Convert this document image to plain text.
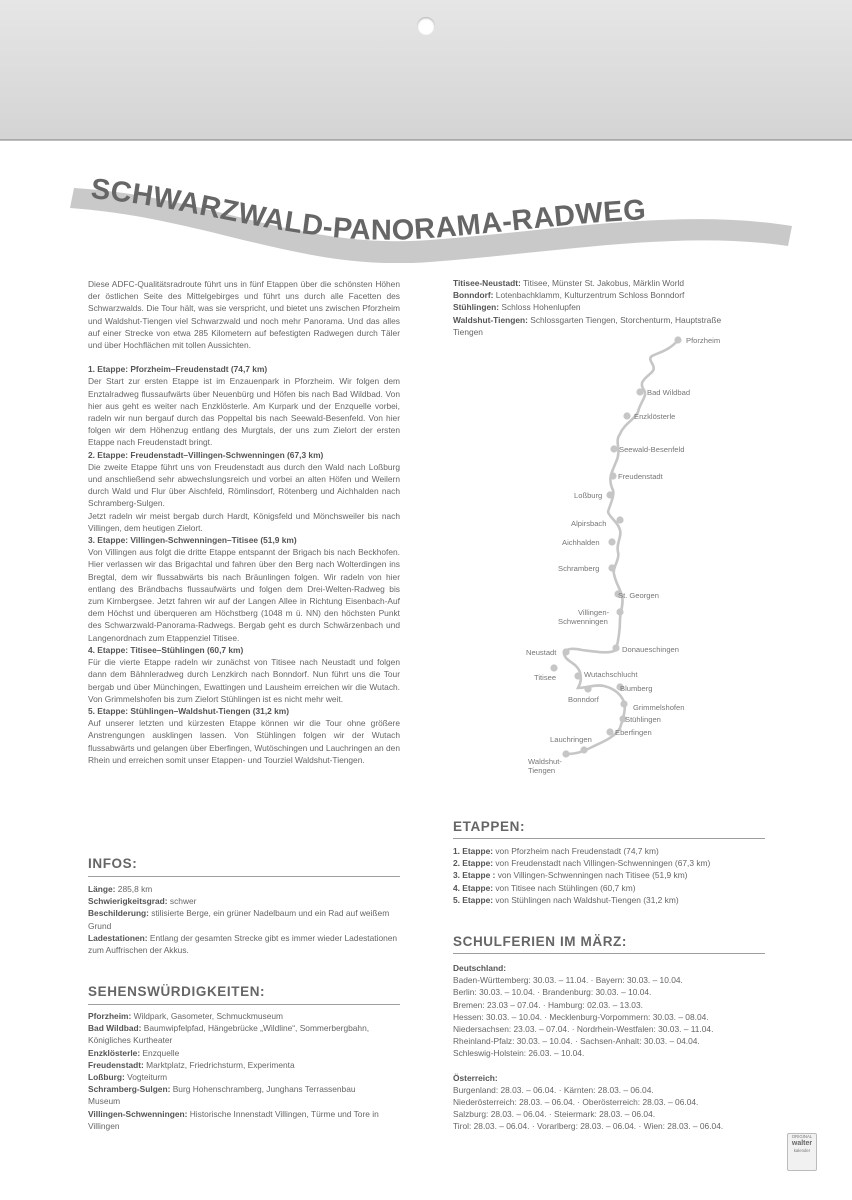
SCHWARZWALD-PANORAMA-RADWEG

Diese ADFC-Qualitätsradroute führt uns in fünf Etappen über die schönsten Höhen der östlichen Seite des Mittelgebirges und führt uns durch alle Facetten des Schwarzwalds. Die Tour hält, was sie verspricht, und bietet uns zwischen Pforzheim und Waldshut-Tiengen viel Schwarzwald und noch mehr Panorama. Und das alles auf einer Strecke von etwa 285 Kilometern auf befestigten Radwegen durch Täler und über Hochflächen mit tollen Aussichten.

1. Etappe: Pforzheim–Freudenstadt (74,7 km)

Der Start zur ersten Etappe ist im Enzauenpark in Pforzheim. Wir folgen dem Enztalradweg flussaufwärts über Neuenbürg und Höfen bis nach Bad Wildbad. Von hier aus geht es weiter nach Enzklösterle. Am Kurpark und der Enzquelle vorbei, radeln wir nun bergauf durch das Poppeltal bis nach Seewald-Besenfeld. Von hier folgen wir dem Höhenzug entlang des Murgtals, der uns zum Zielort der ersten Etappe nach Freudenstadt bringt.

2. Etappe: Freudenstadt–Villingen-Schwenningen (67,3 km)

Die zweite Etappe führt uns von Freudenstadt aus durch den Wald nach Loßburg und anschließend sehr abwechslungsreich und vorbei an alten Höfen und Weilern durch Wald und Flur über Aischfeld, Römlinsdorf, Rötenberg und Aichhalden nach Schramberg-Sulgen.

Jetzt radeln wir meist bergab durch Hardt, Königsfeld und Mönchsweiler bis nach Villingen, dem heutigen Zielort.

3. Etappe: Villingen-Schwenningen–Titisee (51,9 km)

Von Villingen aus folgt die dritte Etappe entspannt der Brigach bis nach Beckhofen. Hier verlassen wir das Brigachtal und fahren über den Berg nach Wolterdingen ins Bregtal, dem wir flussabwärts bis nach Bräunlingen folgen. Wir radeln von hier entlang des Brändbachs flussaufwärts und folgen dem Drei-Welten-Radweg bis zum Kirnbergsee. Jetzt fahren wir auf der Langen Allee in Richtung Eisenbach-Auf dem Höchst und überqueren am Höchstberg (1048 m ü. NN) den höchsten Punkt des Schwarzwald-Panorama-Radwegs. Bergab geht es durch Schwärzenbach und Langenordnach zum Etappenziel Titisee.

4. Etappe: Titisee–Stühlingen (60,7 km)

Für die vierte Etappe radeln wir zunächst von Titisee nach Neustadt und folgen dann dem Bähnleradweg durch Lenzkirch nach Bonndorf. Nun führt uns die Tour bergab und über Münchingen, Ewattingen und Lausheim erreichen wir die Wutach. Von Grimmelshofen bis zum Zielort Stühlingen ist es nicht mehr weit.

5. Etappe: Stühlingen–Waldshut-Tiengen (31,2 km)

Auf unserer letzten und kürzesten Etappe können wir die Tour ohne größere Anstrengungen ausklingen lassen. Von Stühlingen folgen wir der Wutach flussabwärts und gelangen über Eberfingen, Wutöschingen und Lauchringen an den Rhein und erreichen somit unser Etappen- und Tourziel Waldshut-Tiengen.

INFOS:

Länge: 285,8 km

Schwierigkeitsgrad: schwer

Beschilderung: stilisierte Berge, ein grüner Nadelbaum und ein Rad auf weißem Grund

Ladestationen: Entlang der gesamten Strecke gibt es immer wieder Ladestationen zum Auffrischen der Akkus.

SEHENSWÜRDIGKEITEN:

Pforzheim: Wildpark, Gasometer, Schmuckmuseum

Bad Wildbad: Baumwipfelpfad, Hängebrücke „Wildline“, Sommerbergbahn, Königliches Kurtheater

Enzklösterle: Enzquelle

Freudenstadt: Marktplatz, Friedrichsturm, Experimenta

Loßburg: Vogteiturm

Schramberg-Sulgen: Burg Hohenschramberg, Junghans Terrassenbau Museum

Villingen-Schwenningen: Historische Innenstadt Villingen, Türme und Tore in Villingen

Titisee-Neustadt: Titisee, Münster St. Jakobus, Märklin World

Bonndorf: Lotenbachklamm, Kulturzentrum Schloss Bonndorf

Stühlingen: Schloss Hohenlupfen

Waldshut-Tiengen: Schlossgarten Tiengen, Storchenturm, Hauptstraße Tiengen

Pforzheim
Bad Wildbad
Enzklösterle
Seewald-Besenfeld
Freudenstadt
Loßburg
Alpirsbach
Aichhalden
Schramberg
St. Georgen
Villingen-
Schwenningen
Donaueschingen
Neustadt
Titisee	Wutachschlucht
Bonndorf
Blumberg
Grimmelshofen
Stühlingen
Eberfingen
Lauchringen
Waldshut-
Tiengen
ETAPPEN:

1. Etappe: von Pforzheim nach Freudenstadt (74,7 km)

2. Etappe: von Freudenstadt nach Villingen-Schwenningen (67,3 km)

3. Etappe : von Villingen-Schwenningen nach Titisee (51,9 km)

4. Etappe: von Titisee nach Stühlingen (60,7 km)

5. Etappe: von Stühlingen nach Waldshut-Tiengen (31,2 km)

SCHULFERIEN IM MÄRZ:

Deutschland:

Baden-Württemberg: 30.03. – 11.04. · Bayern: 30.03. – 10.04.

Berlin: 30.03. – 10.04. · Brandenburg: 30.03. – 10.04.

Bremen: 23.03 – 07.04. · Hamburg: 02.03. – 13.03.

Hessen: 30.03. – 10.04. · Mecklenburg-Vorpommern: 30.03. – 08.04.

Niedersachsen: 23.03. – 07.04. · Nordrhein-Westfalen: 30.03. – 11.04.

Rheinland-Pfalz: 30.03. – 10.04. · Sachsen-Anhalt: 30.03. – 04.04.

Schleswig-Holstein: 26.03. – 10.04.

Österreich:

Burgenland: 28.03. – 06.04. · Kärnten: 28.03. – 06.04.

Niederösterreich: 28.03. – 06.04. · Oberösterreich: 28.03. – 06.04.

Salzburg: 28.03. – 06.04. · Steiermark: 28.03. – 06.04.

Tirol: 28.03. – 06.04. · Vorarlberg: 28.03. – 06.04. · Wien: 28.03. – 06.04.

ORIGINAL
walter
kalender
